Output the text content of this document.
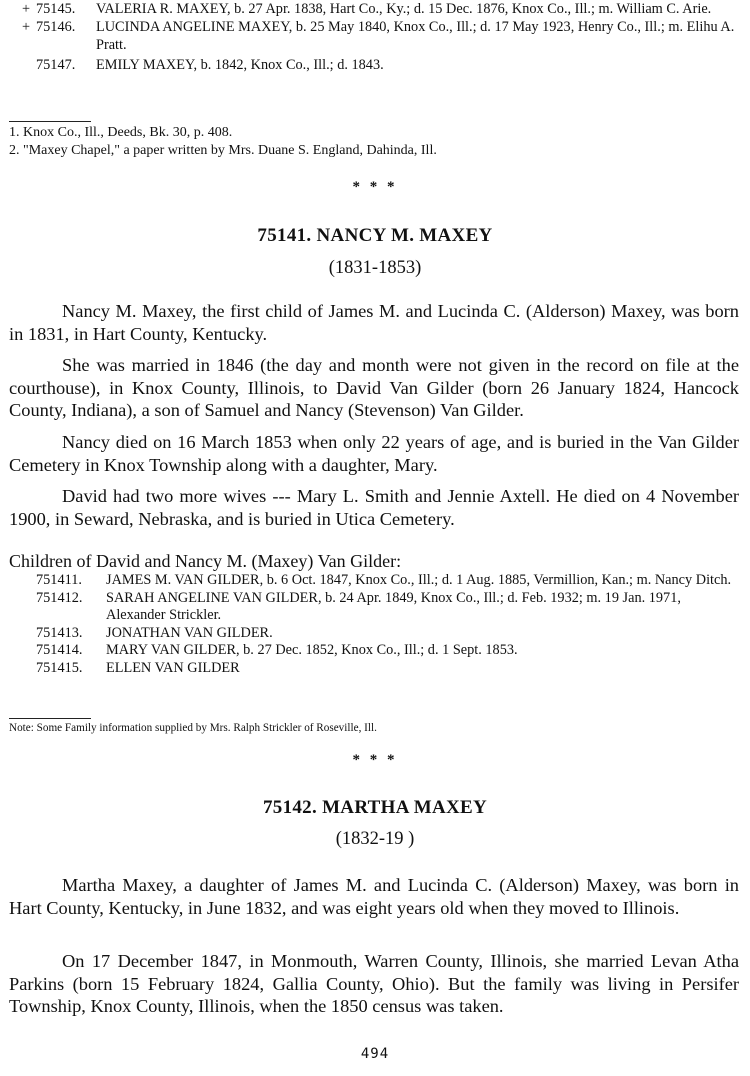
+ 75145.	VALERIA R. MAXEY, b. 27 Apr. 1838, Hart Co., Ky.; d. 15 Dec. 1876, Knox Co., Ill.; m. William C. Arie.
+ 75146.	LUCINDA ANGELINE MAXEY, b. 25 May 1840, Knox Co., Ill.; d. 17 May 1923, Henry Co., Ill.; m. Elihu A. Pratt.
75147.	EMILY MAXEY, b. 1842, Knox Co., Ill.; d. 1843.
1. Knox Co., Ill., Deeds, Bk. 30, p. 408.
2. "Maxey Chapel," a paper written by Mrs. Duane S. England, Dahinda, Ill.
* * *
75141. NANCY M. MAXEY
(1831-1853)
Nancy M. Maxey, the first child of James M. and Lucinda C. (Alderson) Maxey, was born in 1831, in Hart County, Kentucky.
She was married in 1846 (the day and month were not given in the record on file at the courthouse), in Knox County, Illinois, to David Van Gilder (born 26 January 1824, Hancock County, Indiana), a son of Samuel and Nancy (Stevenson) Van Gilder.
Nancy died on 16 March 1853 when only 22 years of age, and is buried in the Van Gilder Cemetery in Knox Township along with a daughter, Mary.
David had two more wives --- Mary L. Smith and Jennie Axtell. He died on 4 November 1900, in Seward, Nebraska, and is buried in Utica Cemetery.
Children of David and Nancy M. (Maxey) Van Gilder:
751411.	JAMES M. VAN GILDER, b. 6 Oct. 1847, Knox Co., Ill.; d. 1 Aug. 1885, Vermillion, Kan.; m. Nancy Ditch.
751412.	SARAH ANGELINE VAN GILDER, b. 24 Apr. 1849, Knox Co., Ill.; d. Feb. 1932; m. 19 Jan. 1971, Alexander Strickler.
751413.	JONATHAN VAN GILDER.
751414.	MARY VAN GILDER, b. 27 Dec. 1852, Knox Co., Ill.; d. 1 Sept. 1853.
751415.	ELLEN VAN GILDER
Note: Some Family information supplied by Mrs. Ralph Strickler of Roseville, Ill.
* * *
75142. MARTHA MAXEY
(1832-19 )
Martha Maxey, a daughter of James M. and Lucinda C. (Alderson) Maxey, was born in Hart County, Kentucky, in June 1832, and was eight years old when they moved to Illinois.
On 17 December 1847, in Monmouth, Warren County, Illinois, she married Levan Atha Parkins (born 15 February 1824, Gallia County, Ohio). But the family was living in Persifer Township, Knox County, Illinois, when the 1850 census was taken.
494
